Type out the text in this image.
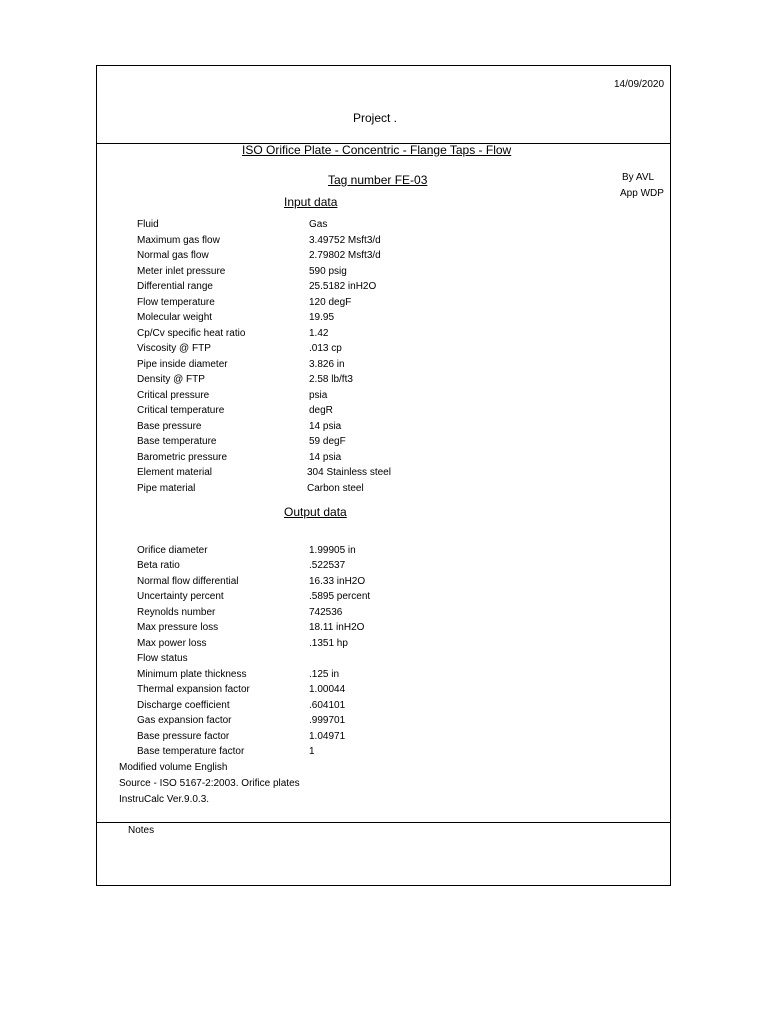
14/09/2020
Project .
ISO Orifice Plate - Concentric - Flange Taps - Flow
Tag number FE-03	By AVL
App WDP
Input data
Fluid	Gas
Maximum gas flow	3.49752 Msft3/d
Normal gas flow	2.79802 Msft3/d
Meter inlet pressure	590 psig
Differential range	25.5182 inH2O
Flow temperature	120 degF
Molecular weight	19.95
Cp/Cv specific heat ratio	1.42
Viscosity @ FTP	.013 cp
Pipe inside diameter	3.826 in
Density @ FTP	2.58 lb/ft3
Critical pressure	psia
Critical temperature	degR
Base pressure	14 psia
Base temperature	59 degF
Barometric pressure	14 psia
Element material	304 Stainless steel
Pipe material	Carbon steel
Output data
Orifice diameter	1.99905 in
Beta ratio	.522537
Normal flow differential	16.33 inH2O
Uncertainty percent	.5895 percent
Reynolds number	742536
Max pressure loss	18.11 inH2O
Max power loss	.1351 hp
Flow status
Minimum plate thickness	.125 in
Thermal expansion factor	1.00044
Discharge coefficient	.604101
Gas expansion factor	.999701
Base pressure factor	1.04971
Base temperature factor	1
Modified volume English
Source - ISO 5167-2:2003. Orifice plates
InstruCalc Ver.9.0.3.
Notes
